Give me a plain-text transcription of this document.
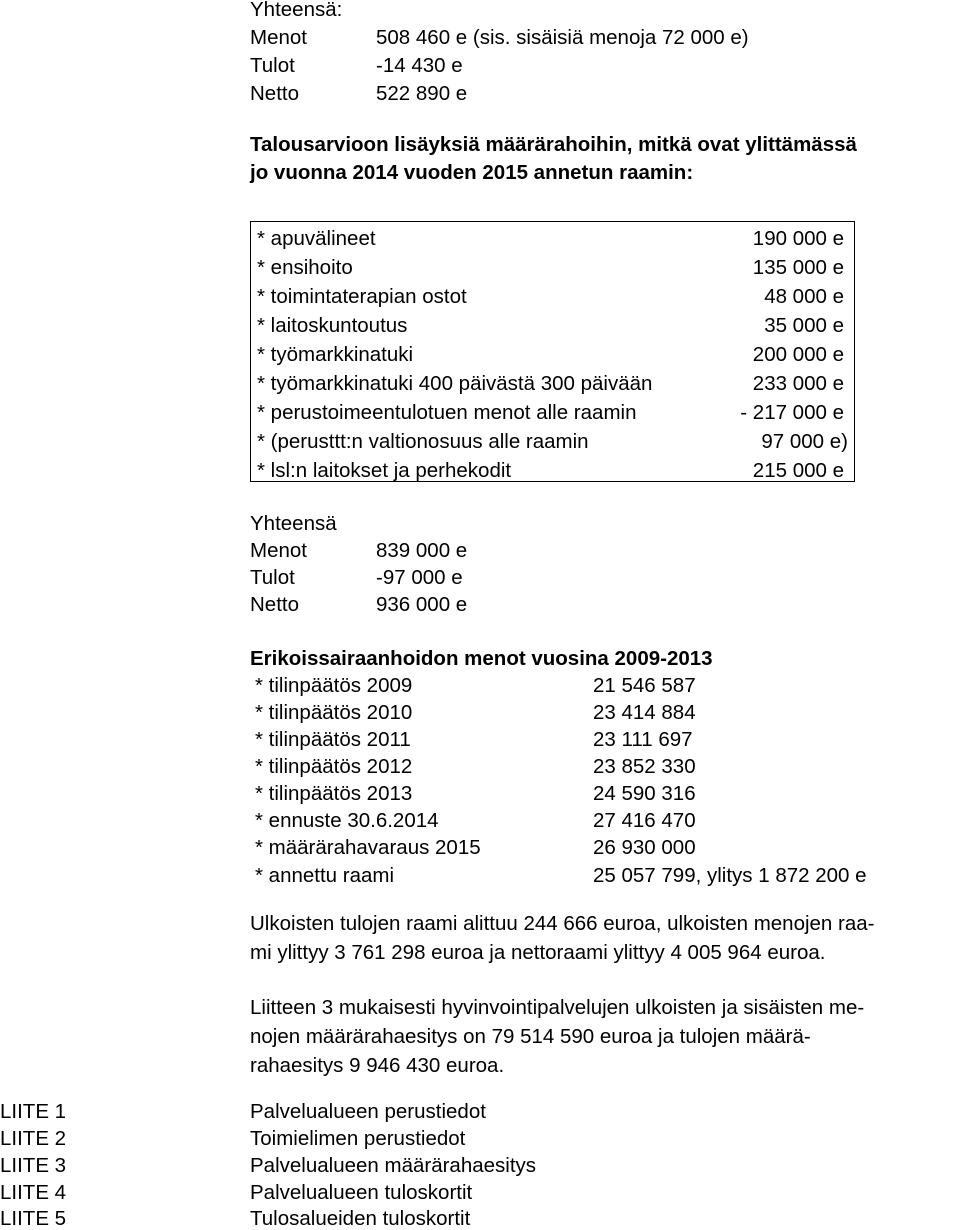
Yhteensä:
Menot	508 460 e (sis. sisäisiä menoja 72 000 e)
Tulot	-14 430 e
Netto	522 890 e
Talousarvioon lisäyksiä määrärahoihin, mitkä ovat ylittämässä
jo vuonna 2014 vuoden 2015 annetun raamin:
* apuvälineet	190 000 e
* ensihoito	135 000 e
* toimintaterapian ostot	48 000 e
* laitoskuntoutus	35 000 e
* työmarkkinatuki	200 000 e
* työmarkkinatuki 400 päivästä 300 päivään	233 000 e
* perustoimeentulotuen menot alle raamin	- 217 000 e
* (perusttt:n valtionosuus alle raamin	97 000 e)
* lsl:n laitokset ja perhekodit	215 000 e
Yhteensä
Menot	839 000 e
Tulot	-97 000 e
Netto	936 000 e
Erikoissairaanhoidon menot vuosina 2009-2013
* tilinpäätös 2009	21 546 587
* tilinpäätös 2010	23 414 884
* tilinpäätös 2011	23 111 697
* tilinpäätös 2012	23 852 330
* tilinpäätös 2013	24 590 316
* ennuste 30.6.2014	27 416 470
* määrärahavaraus 2015	26 930 000
* annettu raami	25 057 799, ylitys 1 872 200 e
Ulkoisten tulojen raami alittuu 244 666 euroa, ulkoisten menojen raa-
mi ylittyy 3 761 298 euroa ja nettoraami ylittyy 4 005 964 euroa.
Liitteen 3 mukaisesti hyvinvointipalvelujen ulkoisten ja sisäisten me-
nojen määrärahaesitys on 79 514 590 euroa ja tulojen määrä-
rahaesitys 9 946 430 euroa.
LIITE 1	Palvelualueen perustiedot
LIITE 2	Toimielimen perustiedot
LIITE 3	Palvelualueen määrärahaesitys
LIITE 4	Palvelualueen tuloskortit
LIITE 5	Tulosalueiden tuloskortit
